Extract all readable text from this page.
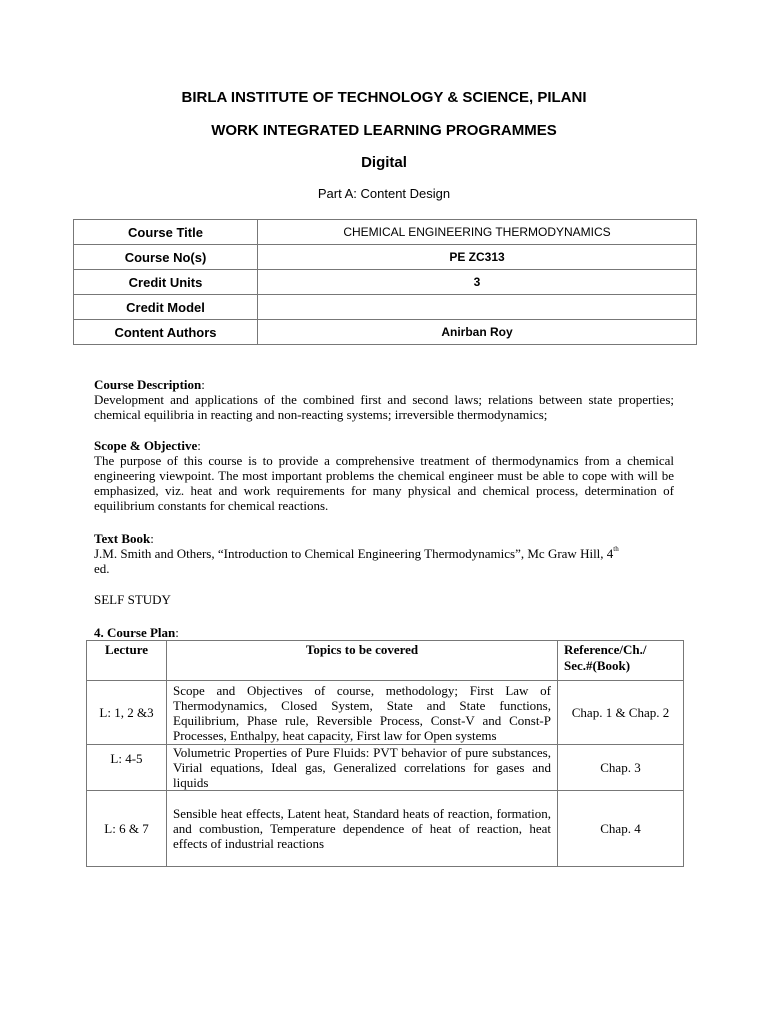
BIRLA INSTITUTE OF TECHNOLOGY & SCIENCE, PILANI
WORK INTEGRATED LEARNING PROGRAMMES
Digital
Part A: Content Design
Course Title	CHEMICAL ENGINEERING THERMODYNAMICS
Course No(s)	PE ZC313
Credit Units	3
Credit Model	
Content Authors	Anirban Roy
Course Description:
Development and applications of the combined first and second laws; relations between state properties; chemical equilibria in reacting and non-reacting systems; irreversible thermodynamics;
Scope & Objective:
The purpose of this course is to provide a comprehensive treatment of thermodynamics from a chemical engineering viewpoint. The most important problems the chemical engineer must be able to cope with will be emphasized, viz. heat and work requirements for many physical and chemical process, determination of equilibrium constants for chemical reactions.
Text Book:
J.M. Smith and Others, “Introduction to Chemical Engineering Thermodynamics”, Mc Graw Hill, 4th
ed.
SELF STUDY
4. Course Plan:
Lecture	Topics to be covered	Reference/Ch./ Sec.#(Book)
L: 1, 2 &3	Scope and Objectives of course, methodology; First Law of Thermodynamics, Closed System, State and State functions, Equilibrium, Phase rule, Reversible Process, Const-V and Const-P Processes, Enthalpy, heat capacity, First law for Open systems	Chap. 1 & Chap. 2
L: 4-5	Volumetric Properties of Pure Fluids: PVT behavior of pure substances, Virial equations, Ideal gas, Generalized correlations for gases and liquids	Chap. 3
L: 6 & 7	Sensible heat effects, Latent heat, Standard heats of reaction, formation, and combustion, Temperature dependence of heat of reaction, heat effects of industrial reactions	Chap. 4
